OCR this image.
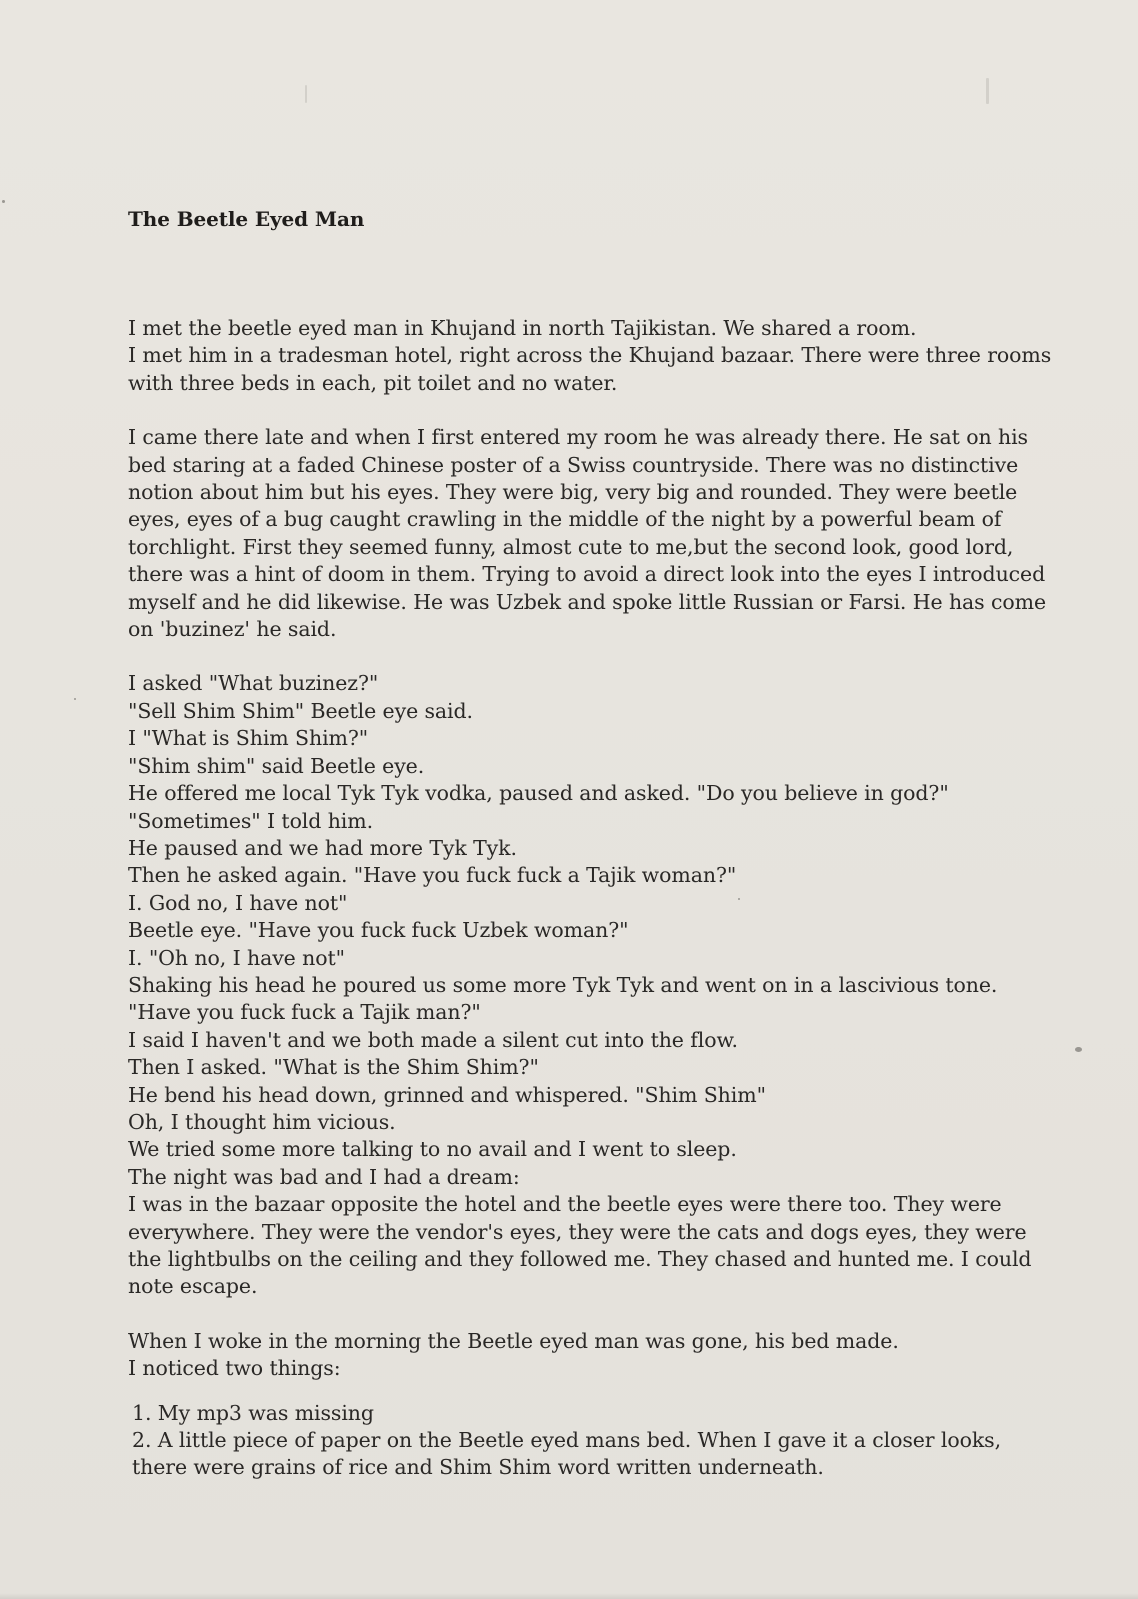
The Beetle Eyed Man

I met the beetle eyed man in Khujand in north Tajikistan. We shared a room.
I met him in a tradesman hotel, right across the Khujand bazaar. There were three rooms
with three beds in each, pit toilet and no water.

I came there late and when I first entered my room he was already there. He sat on his
bed staring at a faded Chinese poster of a Swiss countryside. There was no distinctive
notion about him but his eyes. They were big, very big and rounded. They were beetle
eyes, eyes of a bug caught crawling in the middle of the night by a powerful beam of
torchlight. First they seemed funny, almost cute to me,but the second look, good lord,
there was a hint of doom in them. Trying to avoid a direct look into the eyes I introduced
myself and he did likewise. He was Uzbek and spoke little Russian or Farsi. He has come
on 'buzinez' he said.

I asked "What buzinez?"
"Sell Shim Shim" Beetle eye said.
I "What is Shim Shim?"
"Shim shim" said Beetle eye.
He offered me local Tyk Tyk vodka, paused and asked. "Do you believe in god?"
"Sometimes" I told him.
He paused and we had more Tyk Tyk.
Then he asked again. "Have you fuck fuck a Tajik woman?"
I. God no, I have not"
Beetle eye. "Have you fuck fuck Uzbek woman?"
I. "Oh no, I have not"
Shaking his head he poured us some more Tyk Tyk and went on in a lascivious tone.
"Have you fuck fuck a Tajik man?"
I said I haven't and we both made a silent cut into the flow.
Then I asked. "What is the Shim Shim?"
He bend his head down, grinned and whispered. "Shim Shim"
Oh, I thought him vicious.
We tried some more talking to no avail and I went to sleep.
The night was bad and I had a dream:
I was in the bazaar opposite the hotel and the beetle eyes were there too. They were
everywhere. They were the vendor's eyes, they were the cats and dogs eyes, they were
the lightbulbs on the ceiling and they followed me. They chased and hunted me. I could
note escape.

When I woke in the morning the Beetle eyed man was gone, his bed made.
I noticed two things:

1. My mp3 was missing
2. A little piece of paper on the Beetle eyed mans bed. When I gave it a closer looks,
there were grains of rice and Shim Shim word written underneath.
